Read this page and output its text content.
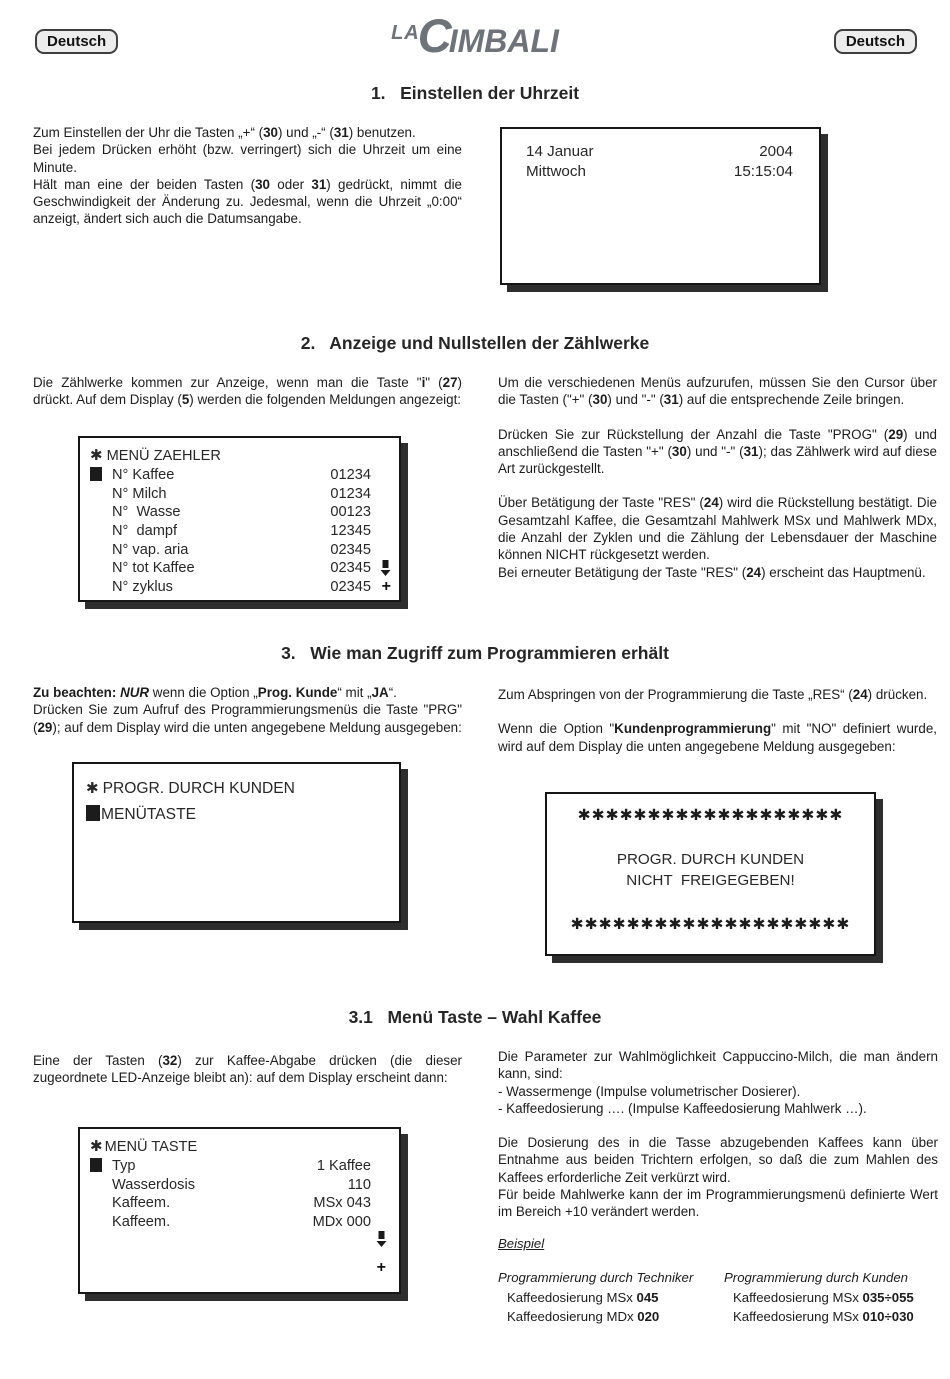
Deutsch	LACIMBALI	Deutsch
1.   Einstellen der Uhrzeit

Zum Einstellen der Uhr die Tasten „+“ (30) und „-“ (31) benutzen.

Bei jedem Drücken erhöht (bzw. verringert) sich die Uhrzeit um eine Minute.

Hält man eine der beiden Tasten (30 oder 31) gedrückt, nimmt die Geschwindigkeit der Änderung zu. Jedesmal, wenn die Uhrzeit „0:00“ anzeigt, ändert sich auch die Datumsangabe.

14 Januar	2004
Mittwoch	15:15:04
2.   Anzeige und Nullstellen der Zählwerke

Die Zählwerke kommen zur Anzeige, wenn man die Taste "i" (27) drückt. Auf dem Display (5) werden die folgenden Meldungen angezeigt:

✱ MENÜ ZAEHLER
N° Kaffee	01234
N° Milch	01234
N°  Wasse	00123
N°  dampf	12345
N° vap. aria	02345
N° tot Kaffee	02345
N° zyklus	02345 +

Um die verschiedenen Menüs aufzurufen, müssen Sie den Cursor über die Tasten ("+" (30) und "-" (31) auf die entsprechende Zeile bringen.

Drücken Sie zur Rückstellung der Anzahl die Taste "PROG" (29) und anschließend die Tasten "+" (30) und "-" (31); das Zählwerk wird auf diese Art zurückgestellt.

Über Betätigung der Taste "RES" (24) wird die Rückstellung bestätigt. Die Gesamtzahl Kaffee, die Gesamtzahl Mahlwerk MSx und Mahlwerk MDx, die Anzahl der Zyklen und die Zählung der Lebensdauer der Maschine können NICHT rückgesetzt werden.

Bei erneuter Betätigung der Taste "RES" (24) erscheint das Hauptmenü.

3.   Wie man Zugriff zum Programmieren erhält

Zu beachten: NUR wenn die Option „Prog. Kunde“ mit „JA“.

Drücken Sie zum Aufruf des Programmierungsmenüs die Taste "PRG" (29); auf dem Display wird die unten angegebene Meldung ausgegeben:

✱ PROGR. DURCH KUNDEN
MENÜTASTE

Zum Abspringen von der Programmierung die Taste „RES“ (24) drücken.

Wenn die Option "Kundenprogrammierung" mit "NO" definiert wurde, wird auf dem Display die unten angegebene Meldung ausgegeben:

✱✱✱✱✱✱✱✱✱✱✱✱✱✱✱✱✱✱✱
PROGR. DURCH KUNDEN
NICHT  FREIGEGEBEN!
✱✱✱✱✱✱✱✱✱✱✱✱✱✱✱✱✱✱✱✱
3.1   Menü Taste – Wahl Kaffee

Eine der Tasten (32) zur Kaffee-Abgabe drücken (die dieser zugeordnete LED-Anzeige bleibt an): auf dem Display erscheint dann:

✱ MENÜ TASTE
Typ	1 Kaffee
Wasserdosis	110
Kaffeem.	MSx 043
Kaffeem.	MDx 000
+

Die Parameter zur Wahlmöglichkeit Cappuccino-Milch, die man ändern kann, sind:

- Wassermenge (Impulse volumetrischer Dosierer).

- Kaffeedosierung …. (Impulse Kaffeedosierung Mahlwerk …).

Die Dosierung des in die Tasse abzugebenden Kaffees kann über Entnahme aus beiden Trichtern erfolgen, so daß die zum Mahlen des Kaffees erforderliche Zeit verkürzt wird.

Für beide Mahlwerke kann der im Programmierungsmenü definierte Wert im Bereich +10 verändert werden.

Beispiel
Programmierung durch Techniker	Programmierung durch Kunden
Kaffeedosierung MSx 045	Kaffeedosierung MSx 035÷055
Kaffeedosierung MDx 020	Kaffeedosierung MSx 010÷030
